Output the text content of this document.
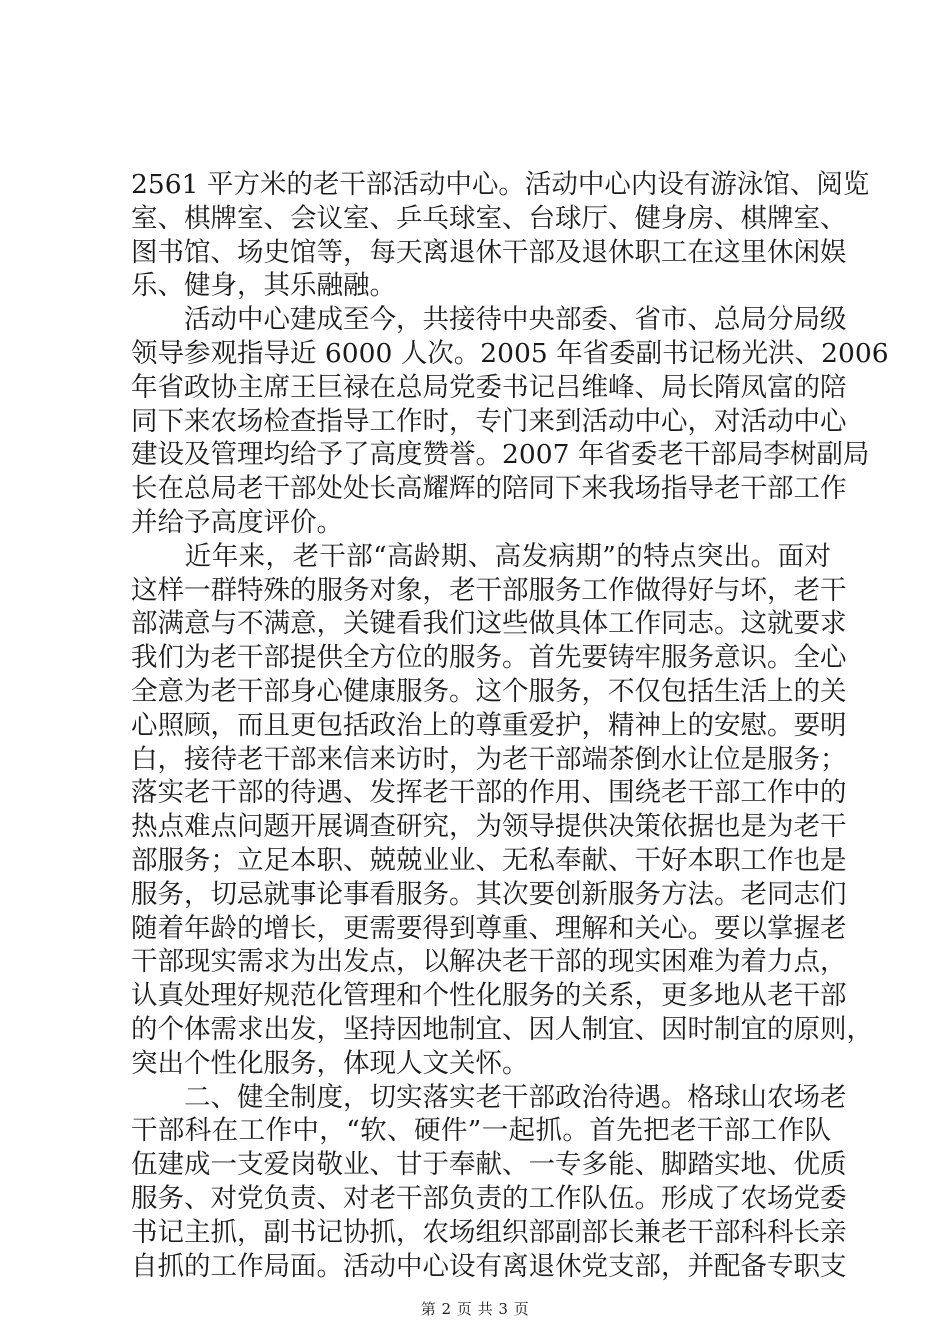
2561 平方米的老干部活动中心。活动中心内设有游泳馆、阅览
室、棋牌室、会议室、乒乓球室、台球厅、健身房、棋牌室、
图书馆、场史馆等，每天离退休干部及退休职工在这里休闲娱
乐、健身，其乐融融。
　　活动中心建成至今，共接待中央部委、省市、总局分局级
领导参观指导近 6000 人次。2005 年省委副书记杨光洪、2006
年省政协主席王巨禄在总局党委书记吕维峰、局长隋凤富的陪
同下来农场检查指导工作时，专门来到活动中心，对活动中心
建设及管理均给予了高度赞誉。2007 年省委老干部局李树副局
长在总局老干部处处长高耀辉的陪同下来我场指导老干部工作
并给予高度评价。
　　近年来，老干部“高龄期、高发病期”的特点突出。面对
这样一群特殊的服务对象，老干部服务工作做得好与坏，老干
部满意与不满意，关键看我们这些做具体工作同志。这就要求
我们为老干部提供全方位的服务。首先要铸牢服务意识。全心
全意为老干部身心健康服务。这个服务，不仅包括生活上的关
心照顾，而且更包括政治上的尊重爱护，精神上的安慰。要明
白，接待老干部来信来访时，为老干部端茶倒水让位是服务；
落实老干部的待遇、发挥老干部的作用、围绕老干部工作中的
热点难点问题开展调查研究，为领导提供决策依据也是为老干
部服务；立足本职、兢兢业业、无私奉献、干好本职工作也是
服务，切忌就事论事看服务。其次要创新服务方法。老同志们
随着年龄的增长，更需要得到尊重、理解和关心。要以掌握老
干部现实需求为出发点，以解决老干部的现实困难为着力点，
认真处理好规范化管理和个性化服务的关系，更多地从老干部
的个体需求出发，坚持因地制宜、因人制宜、因时制宜的原则，
突出个性化服务，体现人文关怀。
　　二、健全制度，切实落实老干部政治待遇。格球山农场老
干部科在工作中，“软、硬件”一起抓。首先把老干部工作队
伍建成一支爱岗敬业、甘于奉献、一专多能、脚踏实地、优质
服务、对党负责、对老干部负责的工作队伍。形成了农场党委
书记主抓，副书记协抓，农场组织部副部长兼老干部科科长亲
自抓的工作局面。活动中心设有离退休党支部，并配备专职支
第 2 页 共 3 页
